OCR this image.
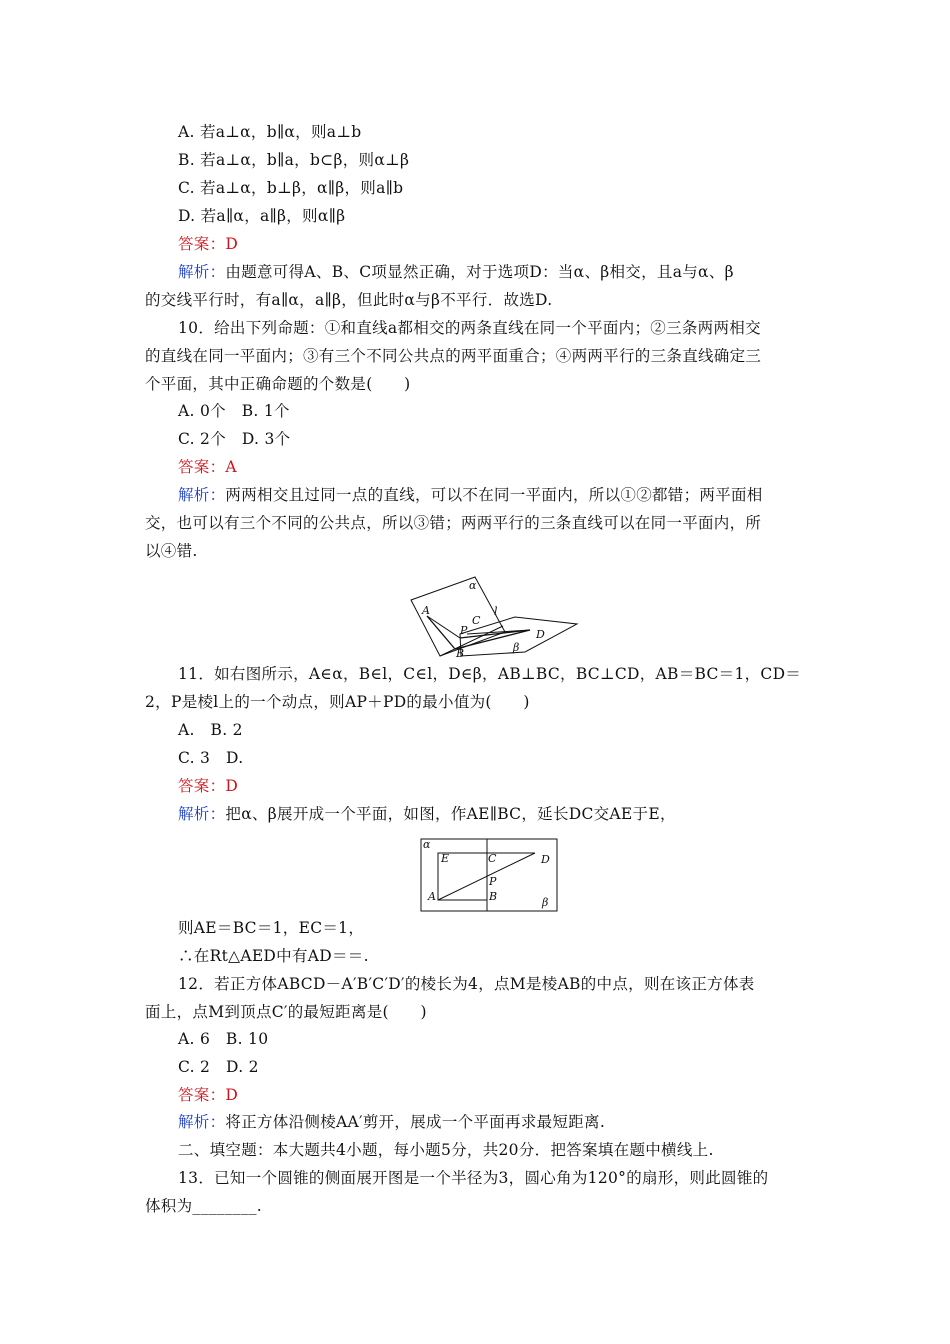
A. 若a⊥α，b∥α，则a⊥b
B. 若a⊥α，b∥a，b⊂β，则α⊥β
C. 若a⊥α，b⊥β，α∥β，则a∥b
D. 若a∥α，a∥β，则α∥β
答案：D
解析：由题意可得A、B、C项显然正确，对于选项D：当α、β相交，且a与α、β
的交线平行时，有a∥α，a∥β，但此时α与β不平行．故选D.
10．给出下列命题：①和直线a都相交的两条直线在同一个平面内；②三条两两相交
的直线在同一平面内；③有三个不同公共点的两平面重合；④两两平行的三条直线确定三
个平面，其中正确命题的个数是(　　)
A. 0个　B. 1个
C. 2个　D. 3个
答案：A
解析：两两相交且过同一点的直线，可以不在同一平面内，所以①②都错；两平面相
交，也可以有三个不同的公共点，所以③错；两两平行的三条直线可以在同一平面内，所
以④错.
α
l
A
C
P	D
B	β
11．如右图所示，A∈α，B∈l，C∈l，D∈β，AB⊥BC，BC⊥CD，AB＝BC＝1，CD＝
2，P是棱l上的一个动点，则AP＋PD的最小值为(　　)
A.　B. 2
C. 3　D.
答案：D
解析：把α、β展开成一个平面，如图，作AE∥BC，延长DC交AE于E，
α
E	C	D
P
A	B	β
则AE＝BC＝1，EC＝1，
∴在Rt△AED中有AD＝＝.
12．若正方体ABCD－A′B′C′D′的棱长为4，点M是棱AB的中点，则在该正方体表
面上，点M到顶点C′的最短距离是(　　)
A. 6　B. 10
C. 2　D. 2
答案：D
解析：将正方体沿侧棱AA′剪开，展成一个平面再求最短距离.
二、填空题：本大题共4小题，每小题5分，共20分．把答案填在题中横线上.
13．已知一个圆锥的侧面展开图是一个半径为3，圆心角为120°的扇形，则此圆锥的
体积为________.
